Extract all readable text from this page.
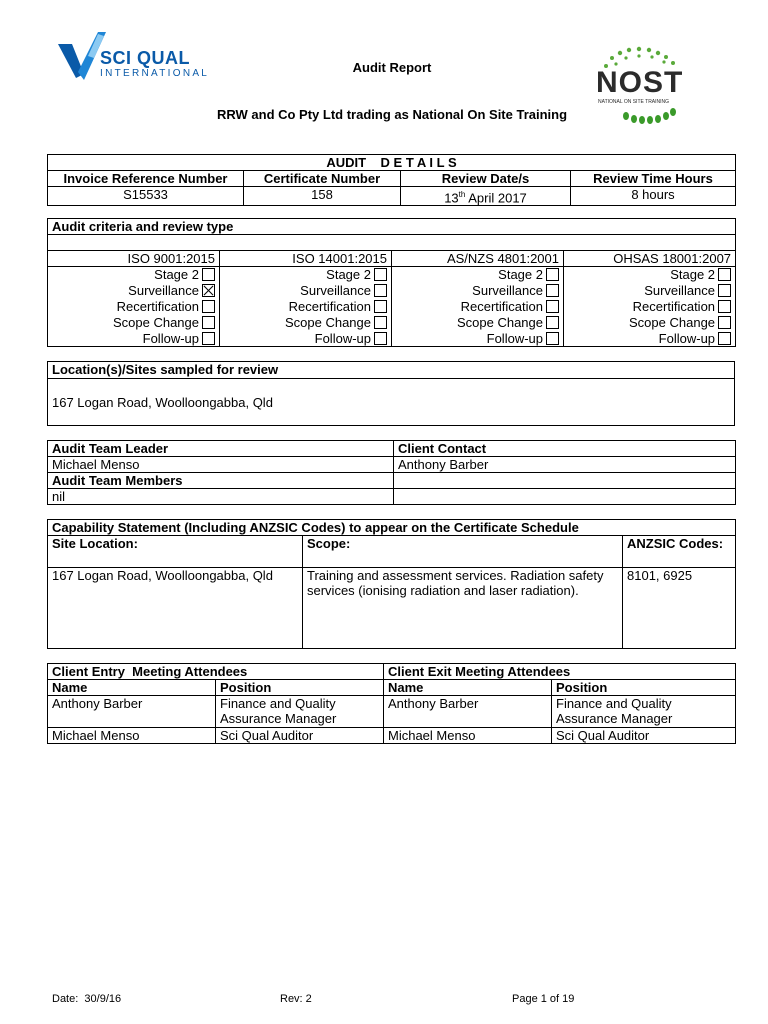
SCI QUAL
INTERNATIONAL	NOST
NATIONAL ON SITE TRAINING
Audit Report
RRW and Co Pty Ltd trading as National On Site Training
AUDIT    D E T A I L S			
Invoice Reference Number	Certificate Number	Review Date/s	Review Time Hours
S15533	158	13th April 2017	8 hours
Audit criteria and review type			

ISO 9001:2015	ISO 14001:2015	AS/NZS 4801:2001	OHSAS 18001:2007
Stage 2	Stage 2	Stage 2	Stage 2
Surveillance	Surveillance	Surveillance	Surveillance
Recertification	Recertification	Recertification	Recertification
Scope Change	Scope Change	Scope Change	Scope Change
Follow-up	Follow-up	Follow-up	Follow-up
Location(s)/Sites sampled for review
167 Logan Road, Woolloongabba, Qld
Audit Team Leader	Client Contact
Michael Menso	Anthony Barber
Audit Team Members	
nil	
Capability Statement (Including ANZSIC Codes) to appear on the Certificate Schedule		
Site Location:	Scope:	ANZSIC Codes:
167 Logan Road, Woolloongabba, Qld	Training and assessment services. Radiation safety services (ionising radiation and laser radiation).	8101, 6925
Client Entry  Meeting Attendees		Client Exit Meeting Attendees	
Name	Position	Name	Position
Anthony Barber	Finance and Quality Assurance Manager	Anthony Barber	Finance and Quality Assurance Manager
Michael Menso	Sci Qual Auditor	Michael Menso	Sci Qual Auditor
Date:  30/9/16	Rev: 2	Page 1 of 19
